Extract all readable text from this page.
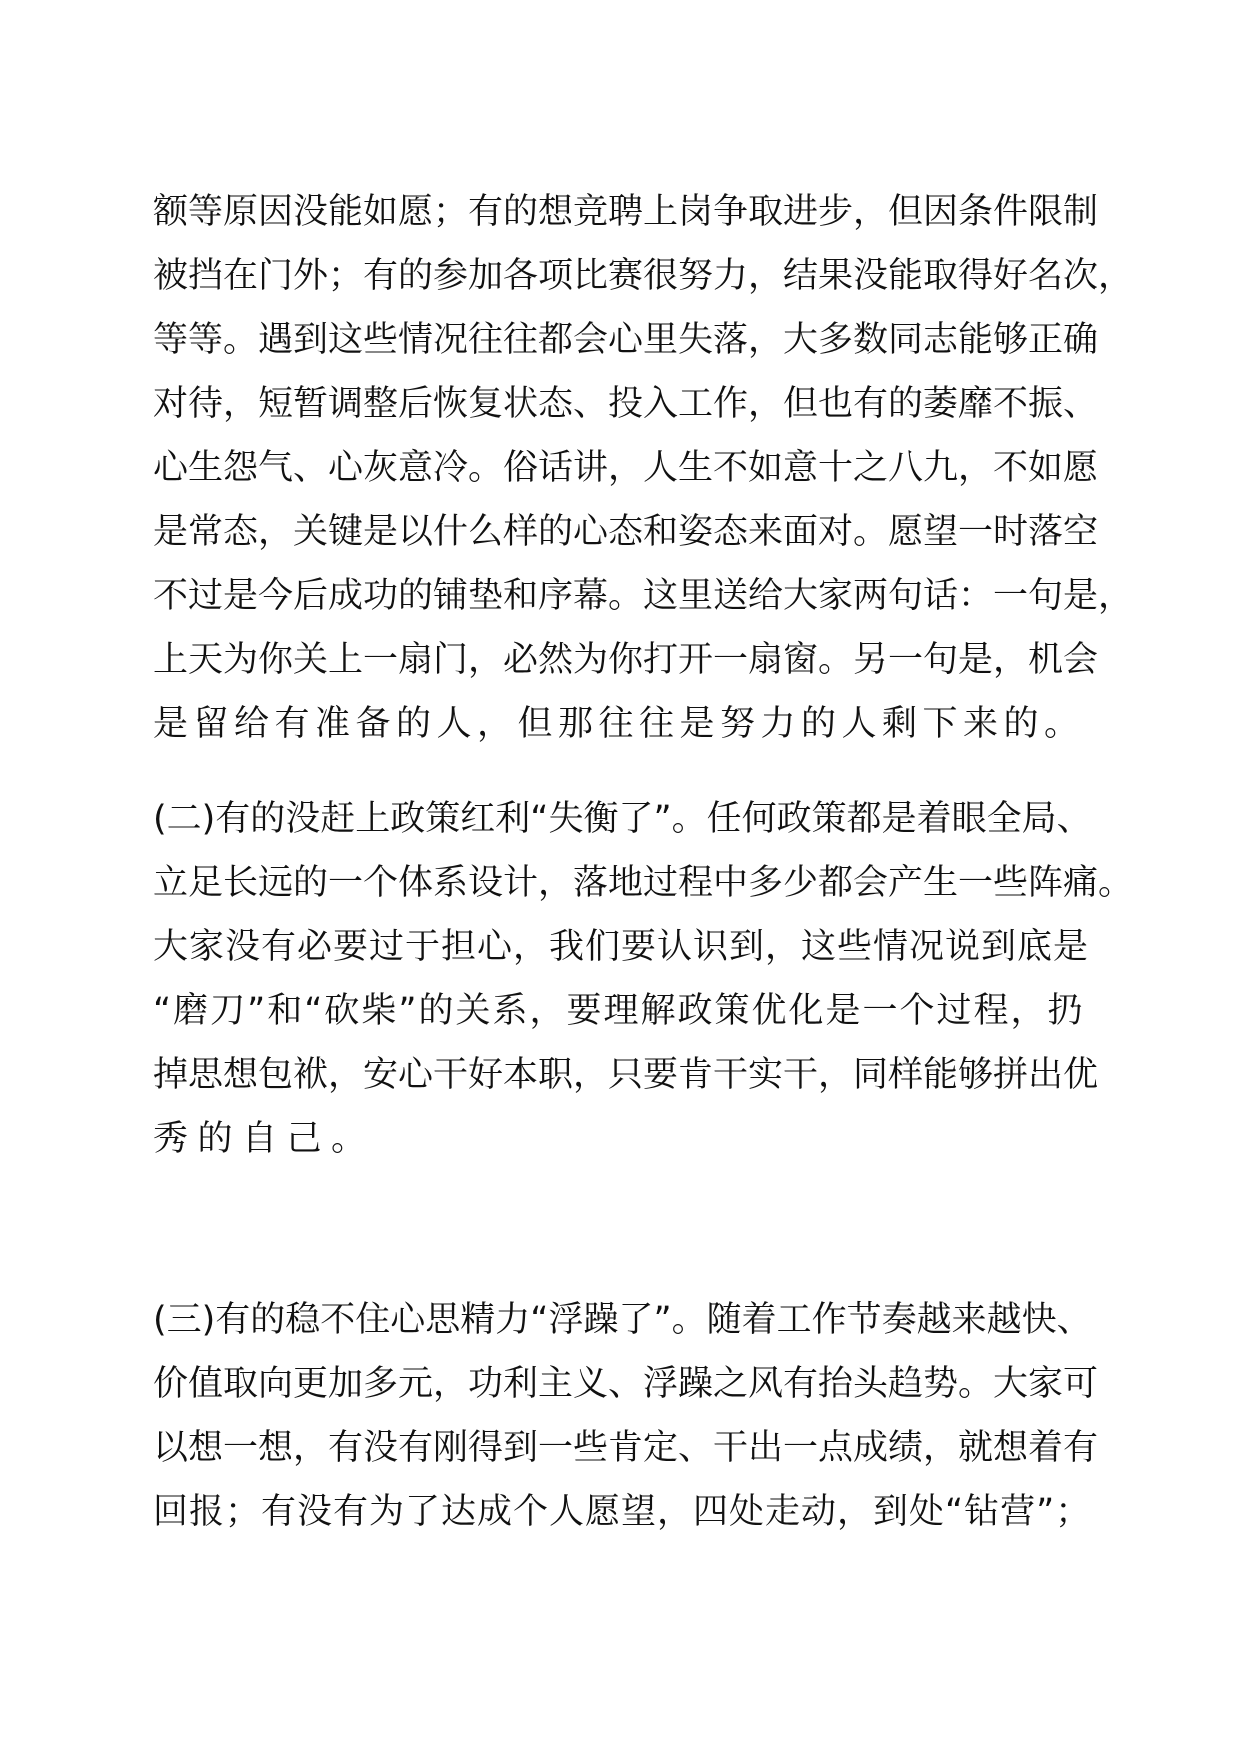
额等原因没能如愿；有的想竞聘上岗争取进步，但因条件限制
被挡在门外；有的参加各项比赛很努力，结果没能取得好名次，
等等。遇到这些情况往往都会心里失落，大多数同志能够正确
对待，短暂调整后恢复状态、投入工作，但也有的萎靡不振、
心生怨气、心灰意冷。俗话讲，人生不如意十之八九，不如愿
是常态，关键是以什么样的心态和姿态来面对。愿望一时落空
不过是今后成功的铺垫和序幕。这里送给大家两句话：一句是，
上天为你关上一扇门，必然为你打开一扇窗。另一句是，机会
是留给有准备的人，但那往往是努力的人剩下来的。
(二)有的没赶上政策红利“失衡了”。任何政策都是着眼全局、
立足长远的一个体系设计，落地过程中多少都会产生一些阵痛。
大家没有必要过于担心，我们要认识到，这些情况说到底是
“磨刀”和“砍柴”的关系，要理解政策优化是一个过程，扔
掉思想包袱，安心干好本职，只要肯干实干，同样能够拼出优
秀的自己。
(三)有的稳不住心思精力“浮躁了”。随着工作节奏越来越快、
价值取向更加多元，功利主义、浮躁之风有抬头趋势。大家可
以想一想，有没有刚得到一些肯定、干出一点成绩，就想着有
回报；有没有为了达成个人愿望，四处走动，到处“钻营”；
